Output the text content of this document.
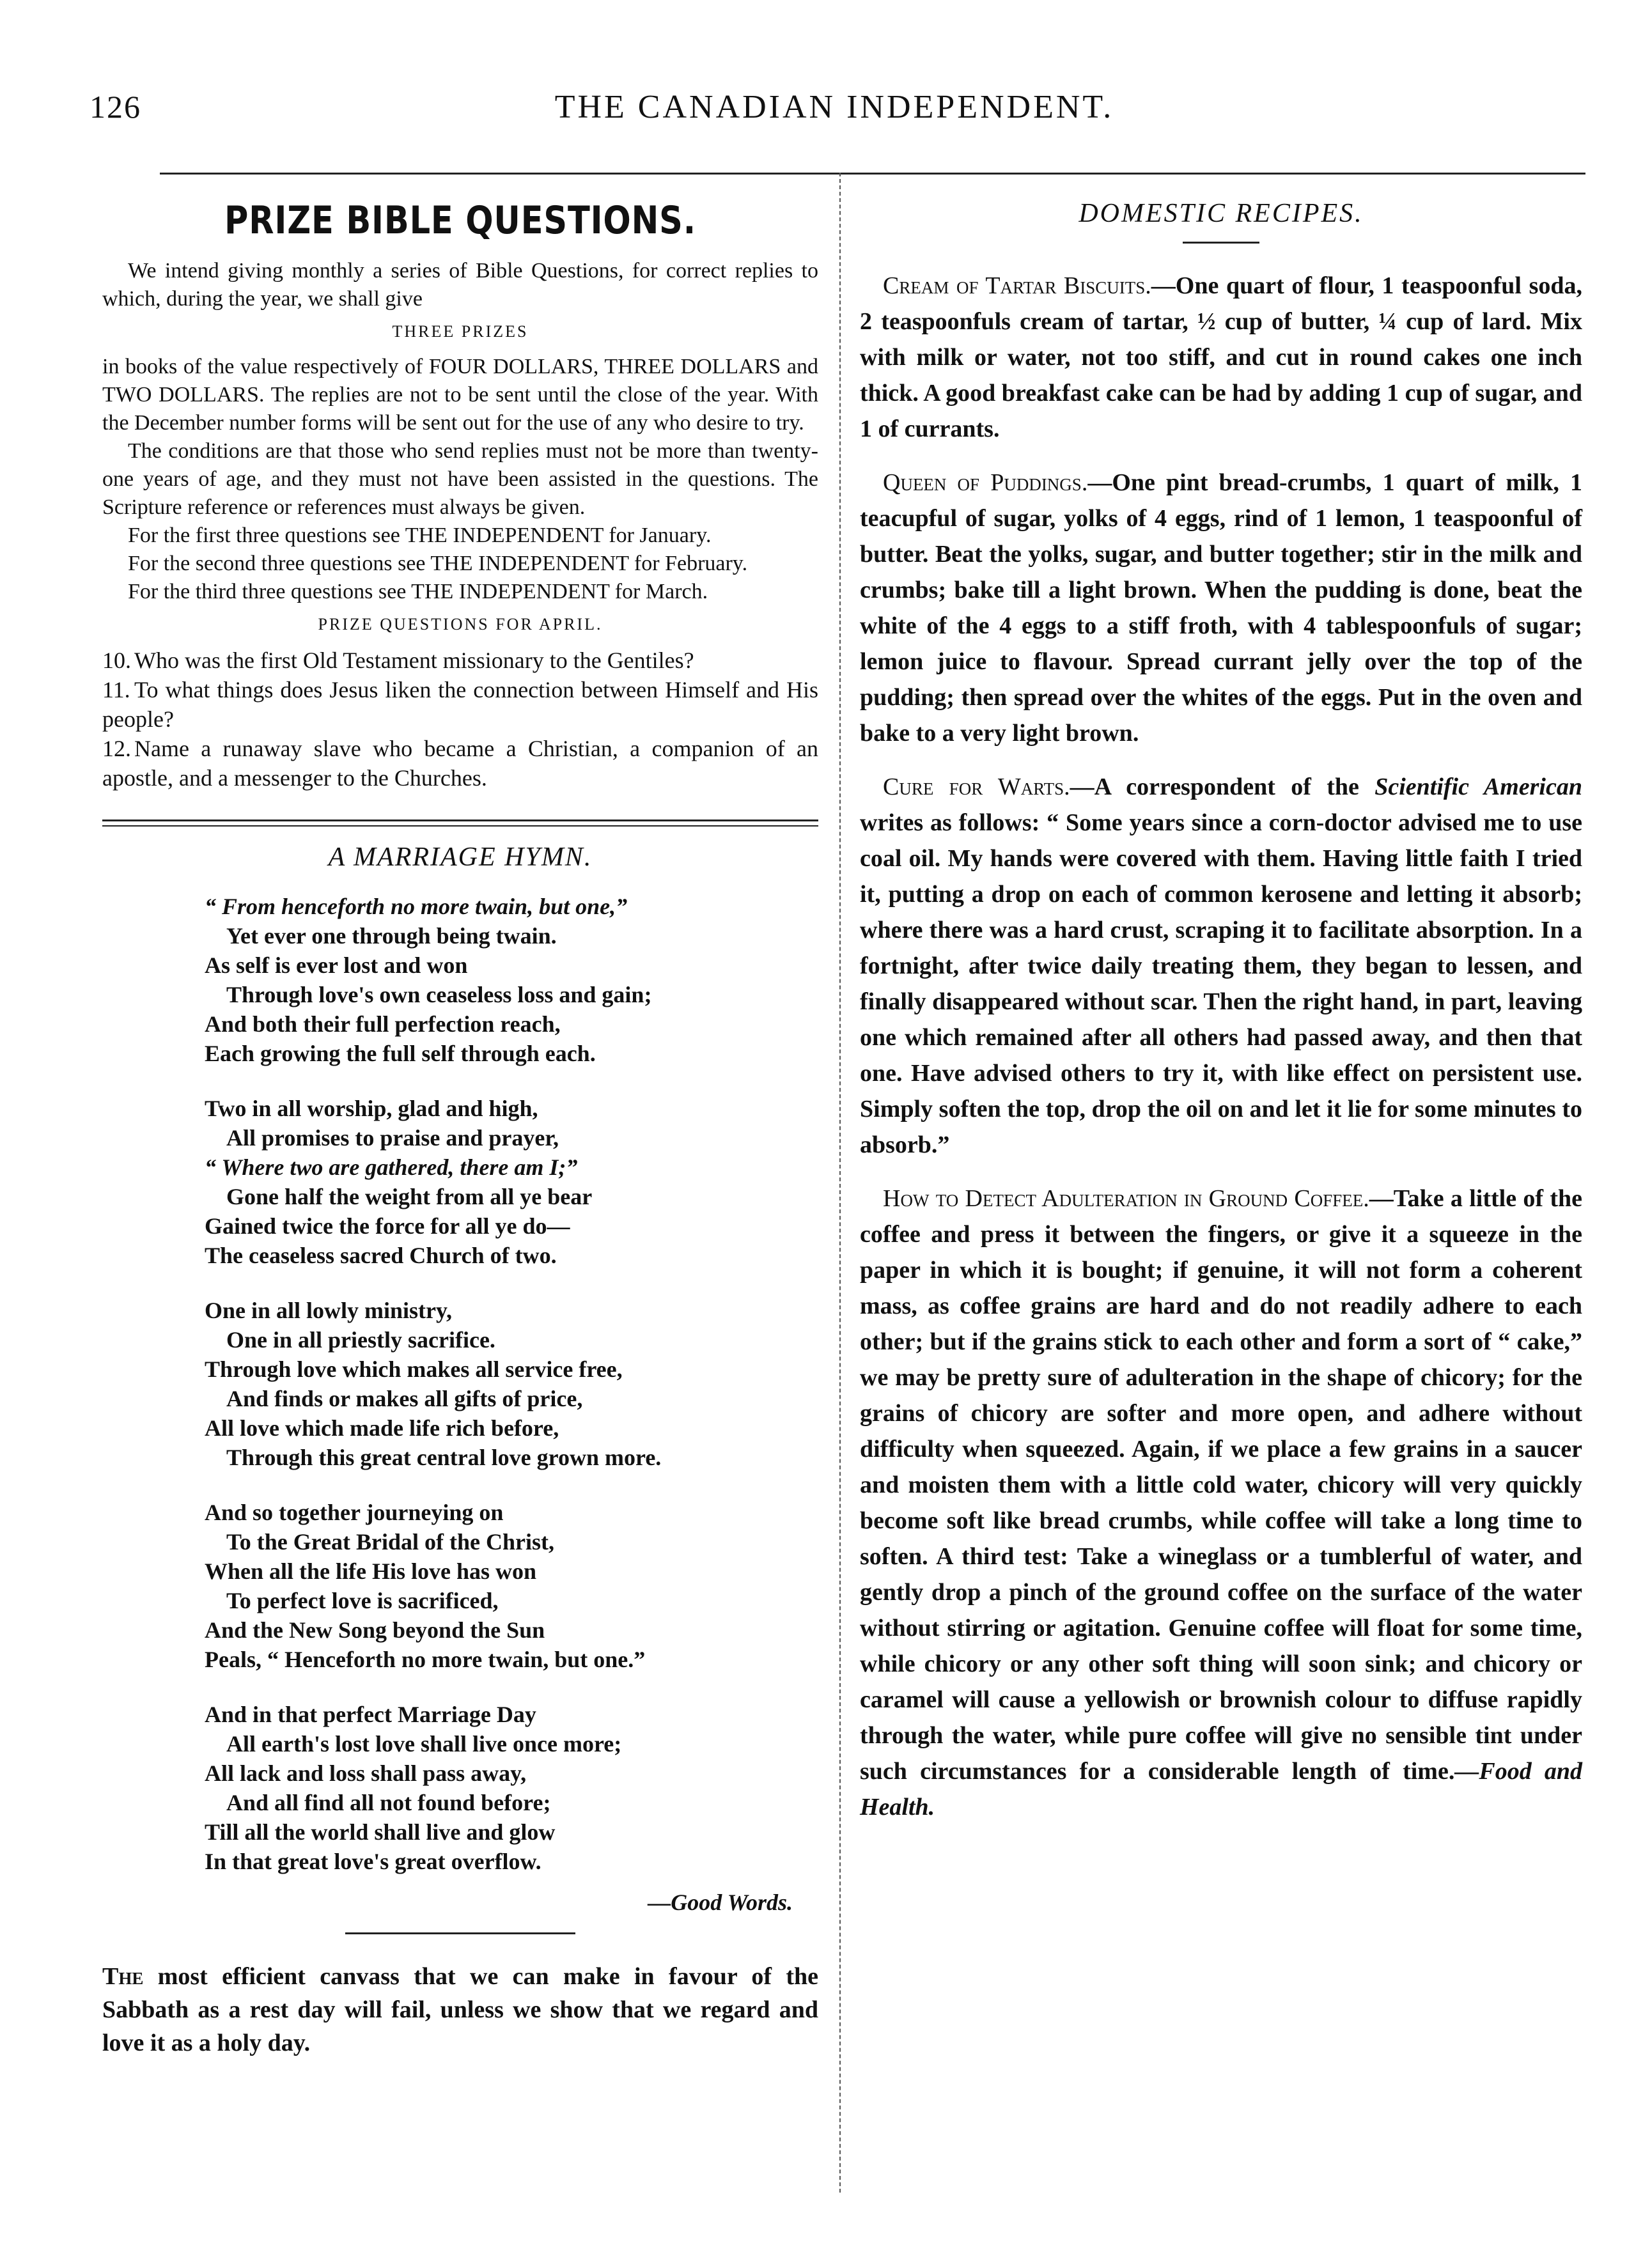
126	THE CANADIAN INDEPENDENT.
PRIZE BIBLE QUESTIONS.

We intend giving monthly a series of Bible Questions, for correct replies to which, during the year, we shall give

THREE PRIZES

in books of the value respectively of FOUR DOLLARS, THREE DOLLARS and TWO DOLLARS. The replies are not to be sent until the close of the year. With the December number forms will be sent out for the use of any who desire to try.

The conditions are that those who send replies must not be more than twenty-one years of age, and they must not have been assisted in the questions. The Scripture reference or references must always be given.

For the first three questions see THE INDEPENDENT for January.

For the second three questions see THE INDEPENDENT for February.

For the third three questions see THE INDEPENDENT for March.

PRIZE QUESTIONS FOR APRIL.
10. Who was the first Old Testament missionary to the Gentiles?
11. To what things does Jesus liken the connection between Himself and His people?
12. Name a runaway slave who became a Christian, a companion of an apostle, and a messenger to the Churches.
A MARRIAGE HYMN.
“ From henceforth no more twain, but one,”
Yet ever one through being twain.
As self is ever lost and won
Through love's own ceaseless loss and gain;
And both their full perfection reach,
Each growing the full self through each.
Two in all worship, glad and high,
All promises to praise and prayer,
“ Where two are gathered, there am I;”
Gone half the weight from all ye bear
Gained twice the force for all ye do—
The ceaseless sacred Church of two.
One in all lowly ministry,
One in all priestly sacrifice.
Through love which makes all service free,
And finds or makes all gifts of price,
All love which made life rich before,
Through this great central love grown more.
And so together journeying on
To the Great Bridal of the Christ,
When all the life His love has won
To perfect love is sacrificed,
And the New Song beyond the Sun
Peals, “ Henceforth no more twain, but one.”
And in that perfect Marriage Day
All earth's lost love shall live once more;
All lack and loss shall pass away,
And all find all not found before;
Till all the world shall live and glow
In that great love's great overflow.
—Good Words.

The most efficient canvass that we can make in favour of the Sabbath as a rest day will fail, unless we show that we regard and love it as a holy day.

DOMESTIC RECIPES.

Cream of Tartar Biscuits.—One quart of flour, 1 teaspoonful soda, 2 teaspoonfuls cream of tartar, ½ cup of butter, ¼ cup of lard. Mix with milk or water, not too stiff, and cut in round cakes one inch thick. A good breakfast cake can be had by adding 1 cup of sugar, and 1 of currants.

Queen of Puddings.—One pint bread-crumbs, 1 quart of milk, 1 teacupful of sugar, yolks of 4 eggs, rind of 1 lemon, 1 teaspoonful of butter. Beat the yolks, sugar, and butter together; stir in the milk and crumbs; bake till a light brown. When the pudding is done, beat the white of the 4 eggs to a stiff froth, with 4 tablespoonfuls of sugar; lemon juice to flavour. Spread currant jelly over the top of the pudding; then spread over the whites of the eggs. Put in the oven and bake to a very light brown.

Cure for Warts.—A correspondent of the Scientific American writes as follows: “ Some years since a corn-doctor advised me to use coal oil. My hands were covered with them. Having little faith I tried it, putting a drop on each of common kerosene and letting it absorb; where there was a hard crust, scraping it to facilitate absorption. In a fortnight, after twice daily treating them, they began to lessen, and finally disappeared without scar. Then the right hand, in part, leaving one which remained after all others had passed away, and then that one. Have advised others to try it, with like effect on persistent use. Simply soften the top, drop the oil on and let it lie for some minutes to absorb.”

How to Detect Adulteration in Ground Coffee.—Take a little of the coffee and press it between the fingers, or give it a squeeze in the paper in which it is bought; if genuine, it will not form a coherent mass, as coffee grains are hard and do not readily adhere to each other; but if the grains stick to each other and form a sort of “ cake,” we may be pretty sure of adulteration in the shape of chicory; for the grains of chicory are softer and more open, and adhere without difficulty when squeezed. Again, if we place a few grains in a saucer and moisten them with a little cold water, chicory will very quickly become soft like bread crumbs, while coffee will take a long time to soften. A third test: Take a wineglass or a tumblerful of water, and gently drop a pinch of the ground coffee on the surface of the water without stirring or agitation. Genuine coffee will float for some time, while chicory or any other soft thing will soon sink; and chicory or caramel will cause a yellowish or brownish colour to diffuse rapidly through the water, while pure coffee will give no sensible tint under such circumstances for a considerable length of time.—Food and Health.
